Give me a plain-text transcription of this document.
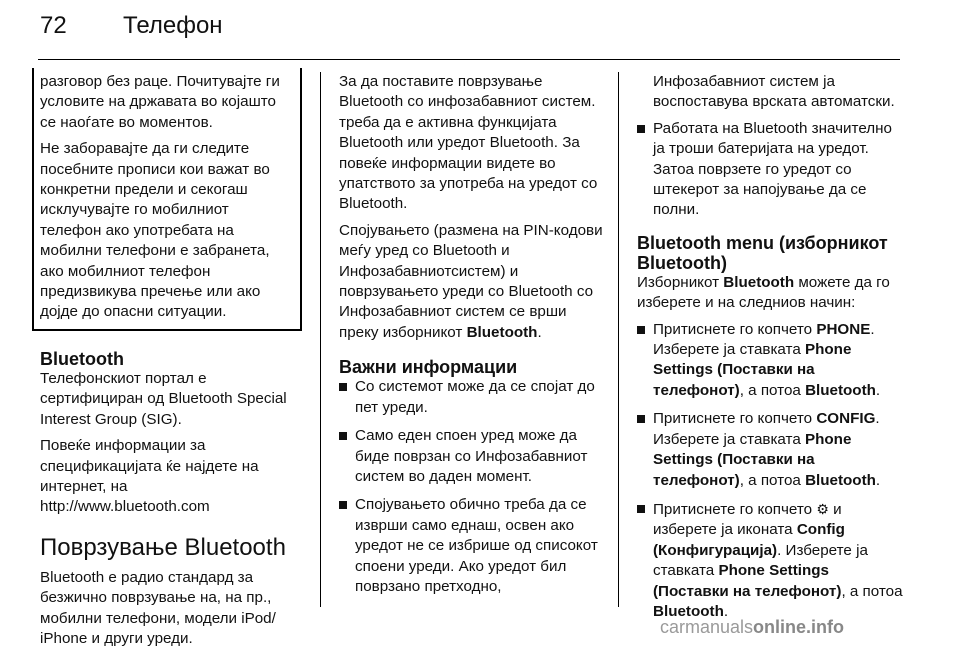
72 Телефон

разговор без раце. Почитувајте ги условите на државата во којашто се наоѓате во моментов.

Не заборавајте да ги следите посебните прописи кои важат во конкретни предели и секогаш исклучувајте го мобилниот телефон ако употребата на мобилни телефони е забранета, ако мобилниот телефон предизвикува пречење или ако дојде до опасни ситуации.

Bluetooth

Телефонскиот портал е сертифициран од Bluetooth Special Interest Group (SIG).

Повеќе информации за спецификацијата ќе најдете на интернет, на
http://www.bluetooth.com

Поврзување Bluetooth

Bluetooth е радио стандард за безжично поврзување на, на пр., мобилни телефони, модели iPod/ iPhone и други уреди.

За да поставите поврзување Bluetooth со инфозабавниот систем. треба да е активна функцијата Bluetooth или уредот Bluetooth. За повеќе информации видете во упатството за употреба на уредот со Bluetooth.

Спојувањето (размена на PIN-кодови меѓу уред со Bluetooth и Инфозабавниотсистем) и поврзувањето уреди со Bluetooth со Инфозабавниот систем се врши преку изборникот Bluetooth.

Важни информации
Со системот може да се спојат до пет уреди.
Само еден споен уред може да биде поврзан со Инфозабавниот систем во даден момент.
Спојувањето обично треба да се изврши само еднаш, освен ако уредот не се избрише од списокот споени уреди. Ако уредот бил поврзано претходно,

Инфозабавниот систем ја воспоставува врската автоматски.

Работата на Bluetooth значително ја троши батеријата на уредот. Затоа поврзете го уредот со штекерот за напојување да се полни.
Bluetooth menu (изборникот Bluetooth)

Изборникот Bluetooth можете да го изберете и на следниов начин:

Притиснете го копчето PHONE. Изберете ја ставката Phone Settings (Поставки на телефонот), а потоа Bluetooth.
Притиснете го копчето CONFIG. Изберете ја ставката Phone Settings (Поставки на телефонот), а потоа Bluetooth.
Притиснете го копчето ⚙ и изберете ја иконата Config (Конфигурација). Изберете ја ставката Phone Settings (Поставки на телефонот), а потоа Bluetooth.
carmanualsonline.info
